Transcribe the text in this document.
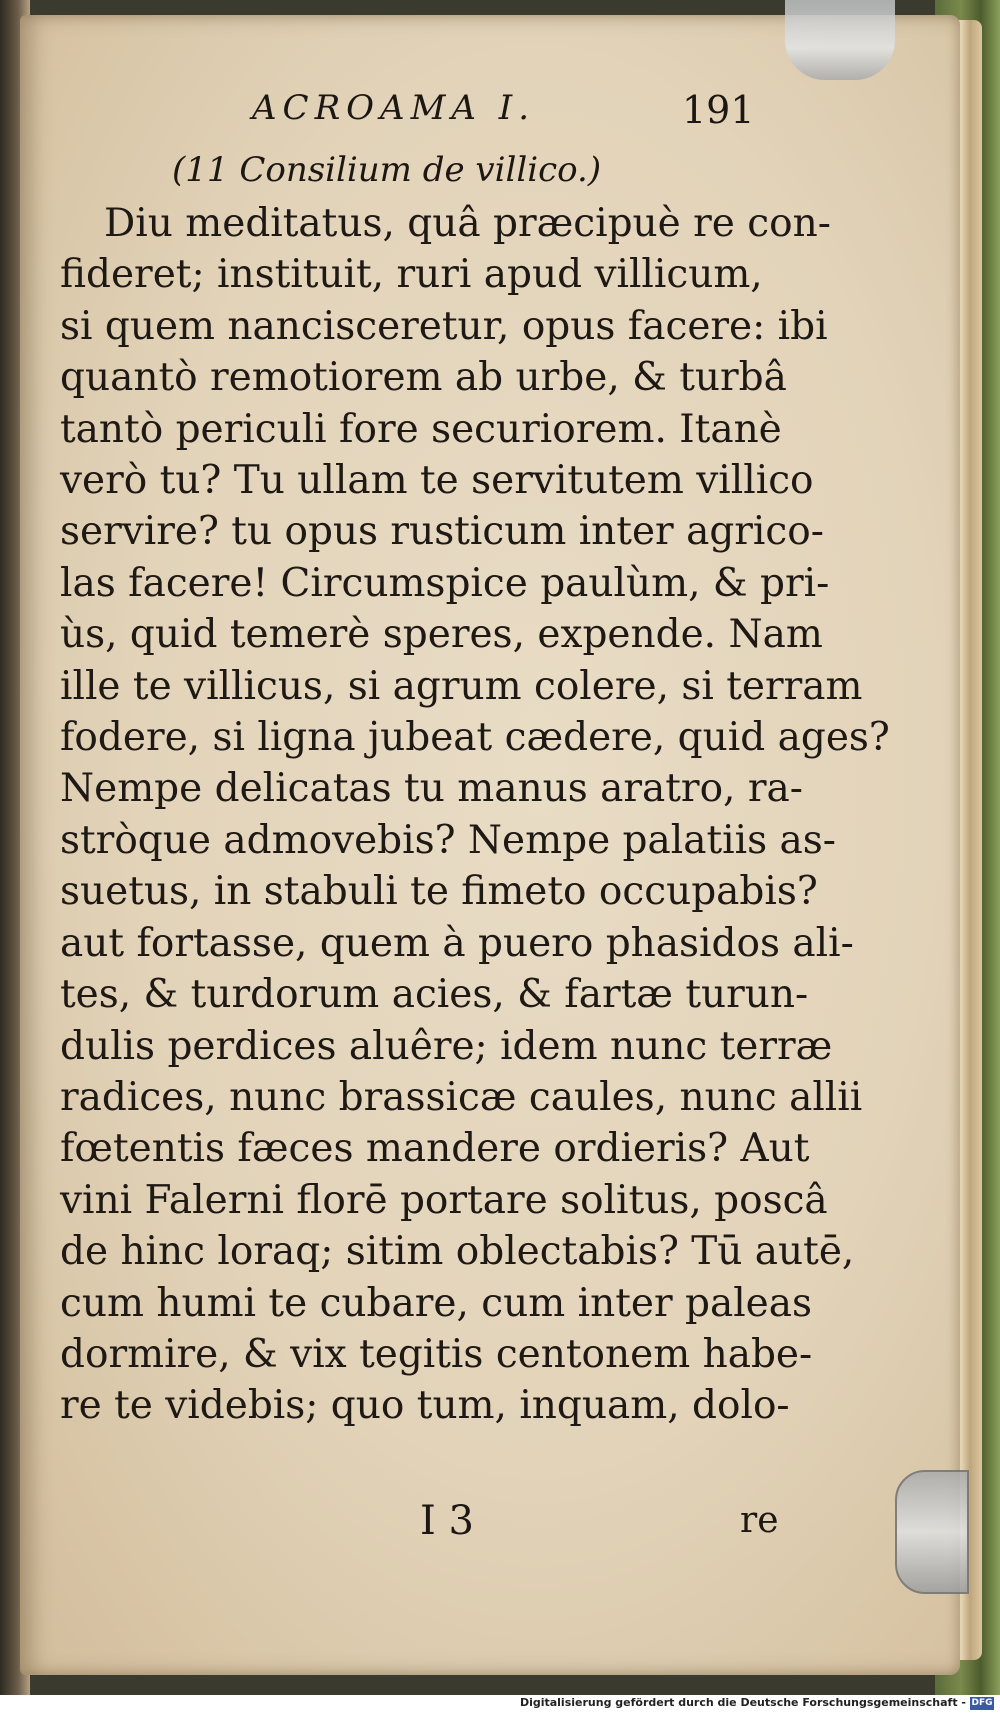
ACROAMA I.	191
(11 Consilium de villico.)
Diu meditatus, quâ præcipuè re con-
fideret; instituit, ruri apud villicum,
si quem nancisceretur, opus facere: ibi
quantò remotiorem ab urbe, & turbâ
tantò periculi fore securiorem. Itanè
verò tu? Tu ullam te servitutem villico
servire? tu opus rusticum inter agrico-
las facere! Circumspice paulùm, & pri-
ùs, quid temerè speres, expende. Nam
ille te villicus, si agrum colere, si terram
fodere, si ligna jubeat cædere, quid ages?
Nempe delicatas tu manus aratro, ra-
stròque admovebis? Nempe palatiis as-
suetus, in stabuli te fimeto occupabis?
aut fortasse, quem à puero phasidos ali-
tes, & turdorum acies, & fartæ turun-
dulis perdices aluêre; idem nunc terræ
radices, nunc brassicæ caules, nunc allii
fœtentis fæces mandere ordieris? Aut
vini Falerni florē portare solitus, poscâ
de hinc loraq; sitim oblectabis? Tū autē,
cum humi te cubare, cum inter paleas
dormire, & vix tegitis centonem habe-
re te videbis; quo tum, inquam, dolo-
I 3	re
Digitalisierung gefördert durch die Deutsche Forschungsgemeinschaft - DFG
